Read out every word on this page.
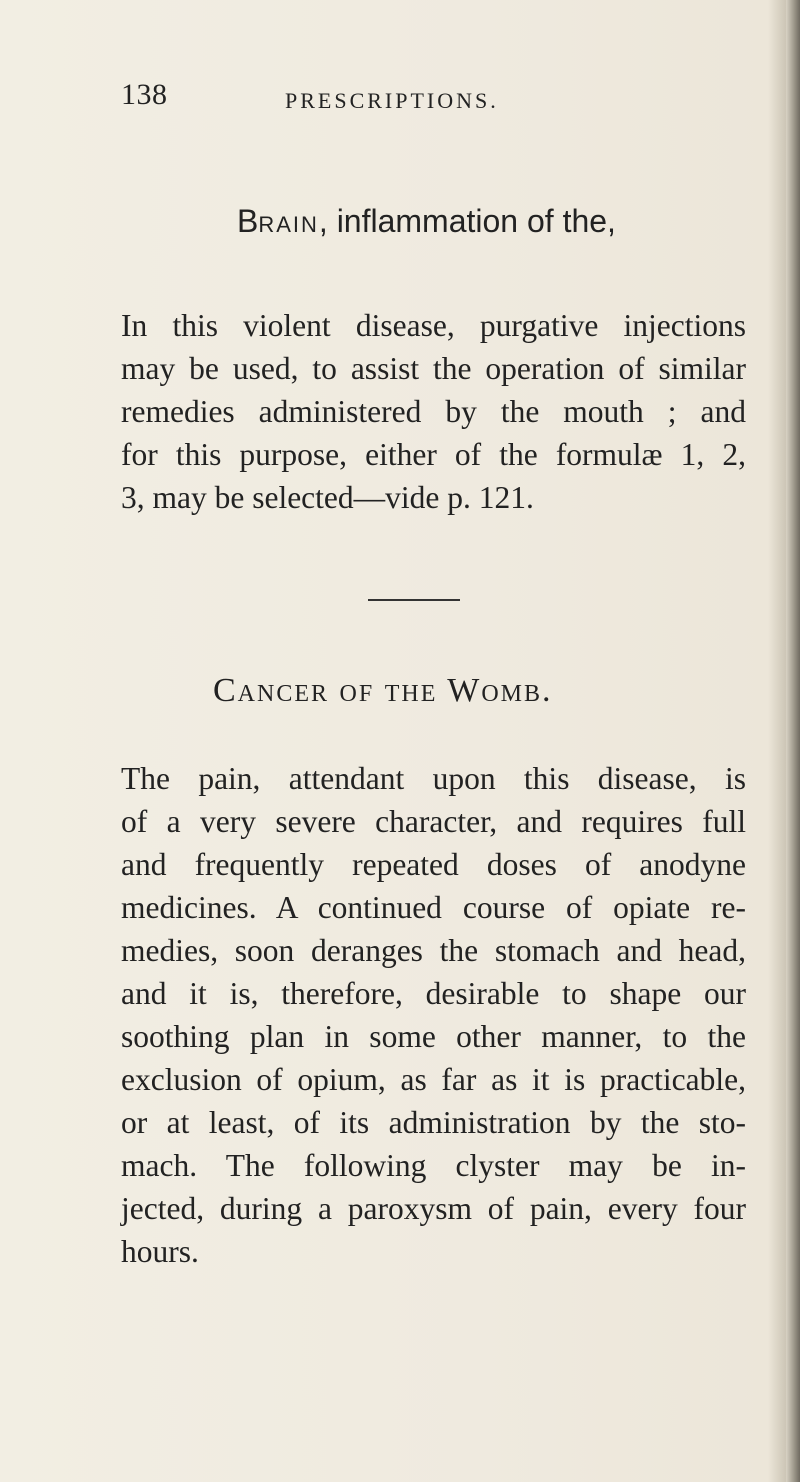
138	PRESCRIPTIONS.
Brain, inflammation of the,
In this violent disease, purgative injections
may be used, to assist the operation of similar
remedies administered by the mouth ; and
for this purpose, either of the formulæ 1, 2,
3, may be selected—vide p. 121.
Cancer of the Womb.
The pain, attendant upon this disease, is
of a very severe character, and requires full
and frequently repeated doses of anodyne
medicines. A continued course of opiate re-
medies, soon deranges the stomach and head,
and it is, therefore, desirable to shape our
soothing plan in some other manner, to the
exclusion of opium, as far as it is practicable,
or at least, of its administration by the sto-
mach. The following clyster may be in-
jected, during a paroxysm of pain, every four
hours.
